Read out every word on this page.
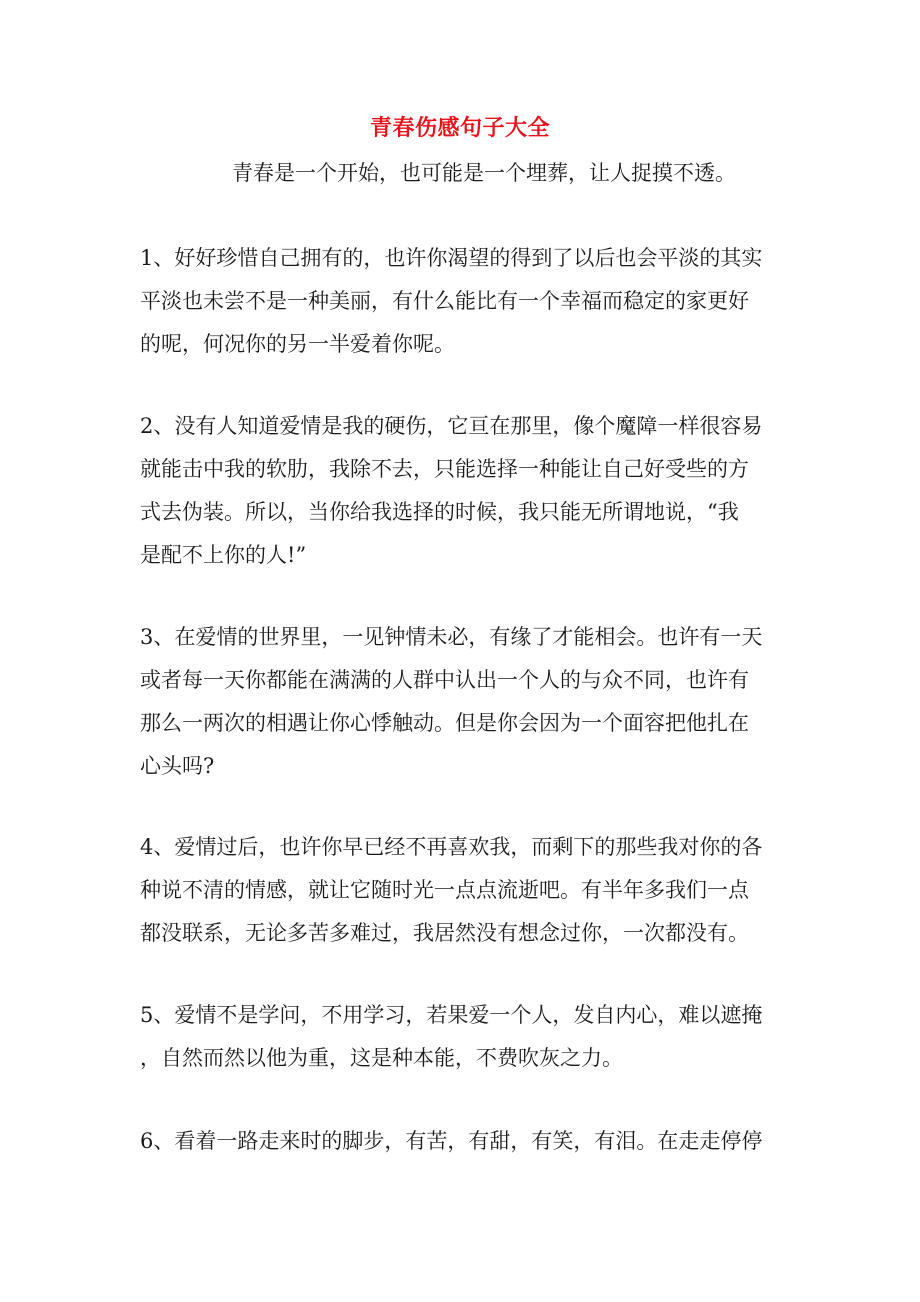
青春伤感句子大全

青春是一个开始，也可能是一个埋葬，让人捉摸不透。

1、好好珍惜自己拥有的，也许你渴望的得到了以后也会平淡的其实
平淡也未尝不是一种美丽，有什么能比有一个幸福而稳定的家更好
的呢，何况你的另一半爱着你呢。
2、没有人知道爱情是我的硬伤，它亘在那里，像个魔障一样很容易
就能击中我的软肋，我除不去，只能选择一种能让自己好受些的方
式去伪装。所以，当你给我选择的时候，我只能无所谓地说，“我
是配不上你的人!”
3、在爱情的世界里，一见钟情未必，有缘了才能相会。也许有一天
或者每一天你都能在满满的人群中认出一个人的与众不同，也许有
那么一两次的相遇让你心悸触动。但是你会因为一个面容把他扎在
心头吗?
4、爱情过后，也许你早已经不再喜欢我，而剩下的那些我对你的各
种说不清的情感，就让它随时光一点点流逝吧。有半年多我们一点
都没联系，无论多苦多难过，我居然没有想念过你，一次都没有。
5、爱情不是学问，不用学习，若果爱一个人，发自内心，难以遮掩
，自然而然以他为重，这是种本能，不费吹灰之力。
6、看着一路走来时的脚步，有苦，有甜，有笑，有泪。在走走停停
